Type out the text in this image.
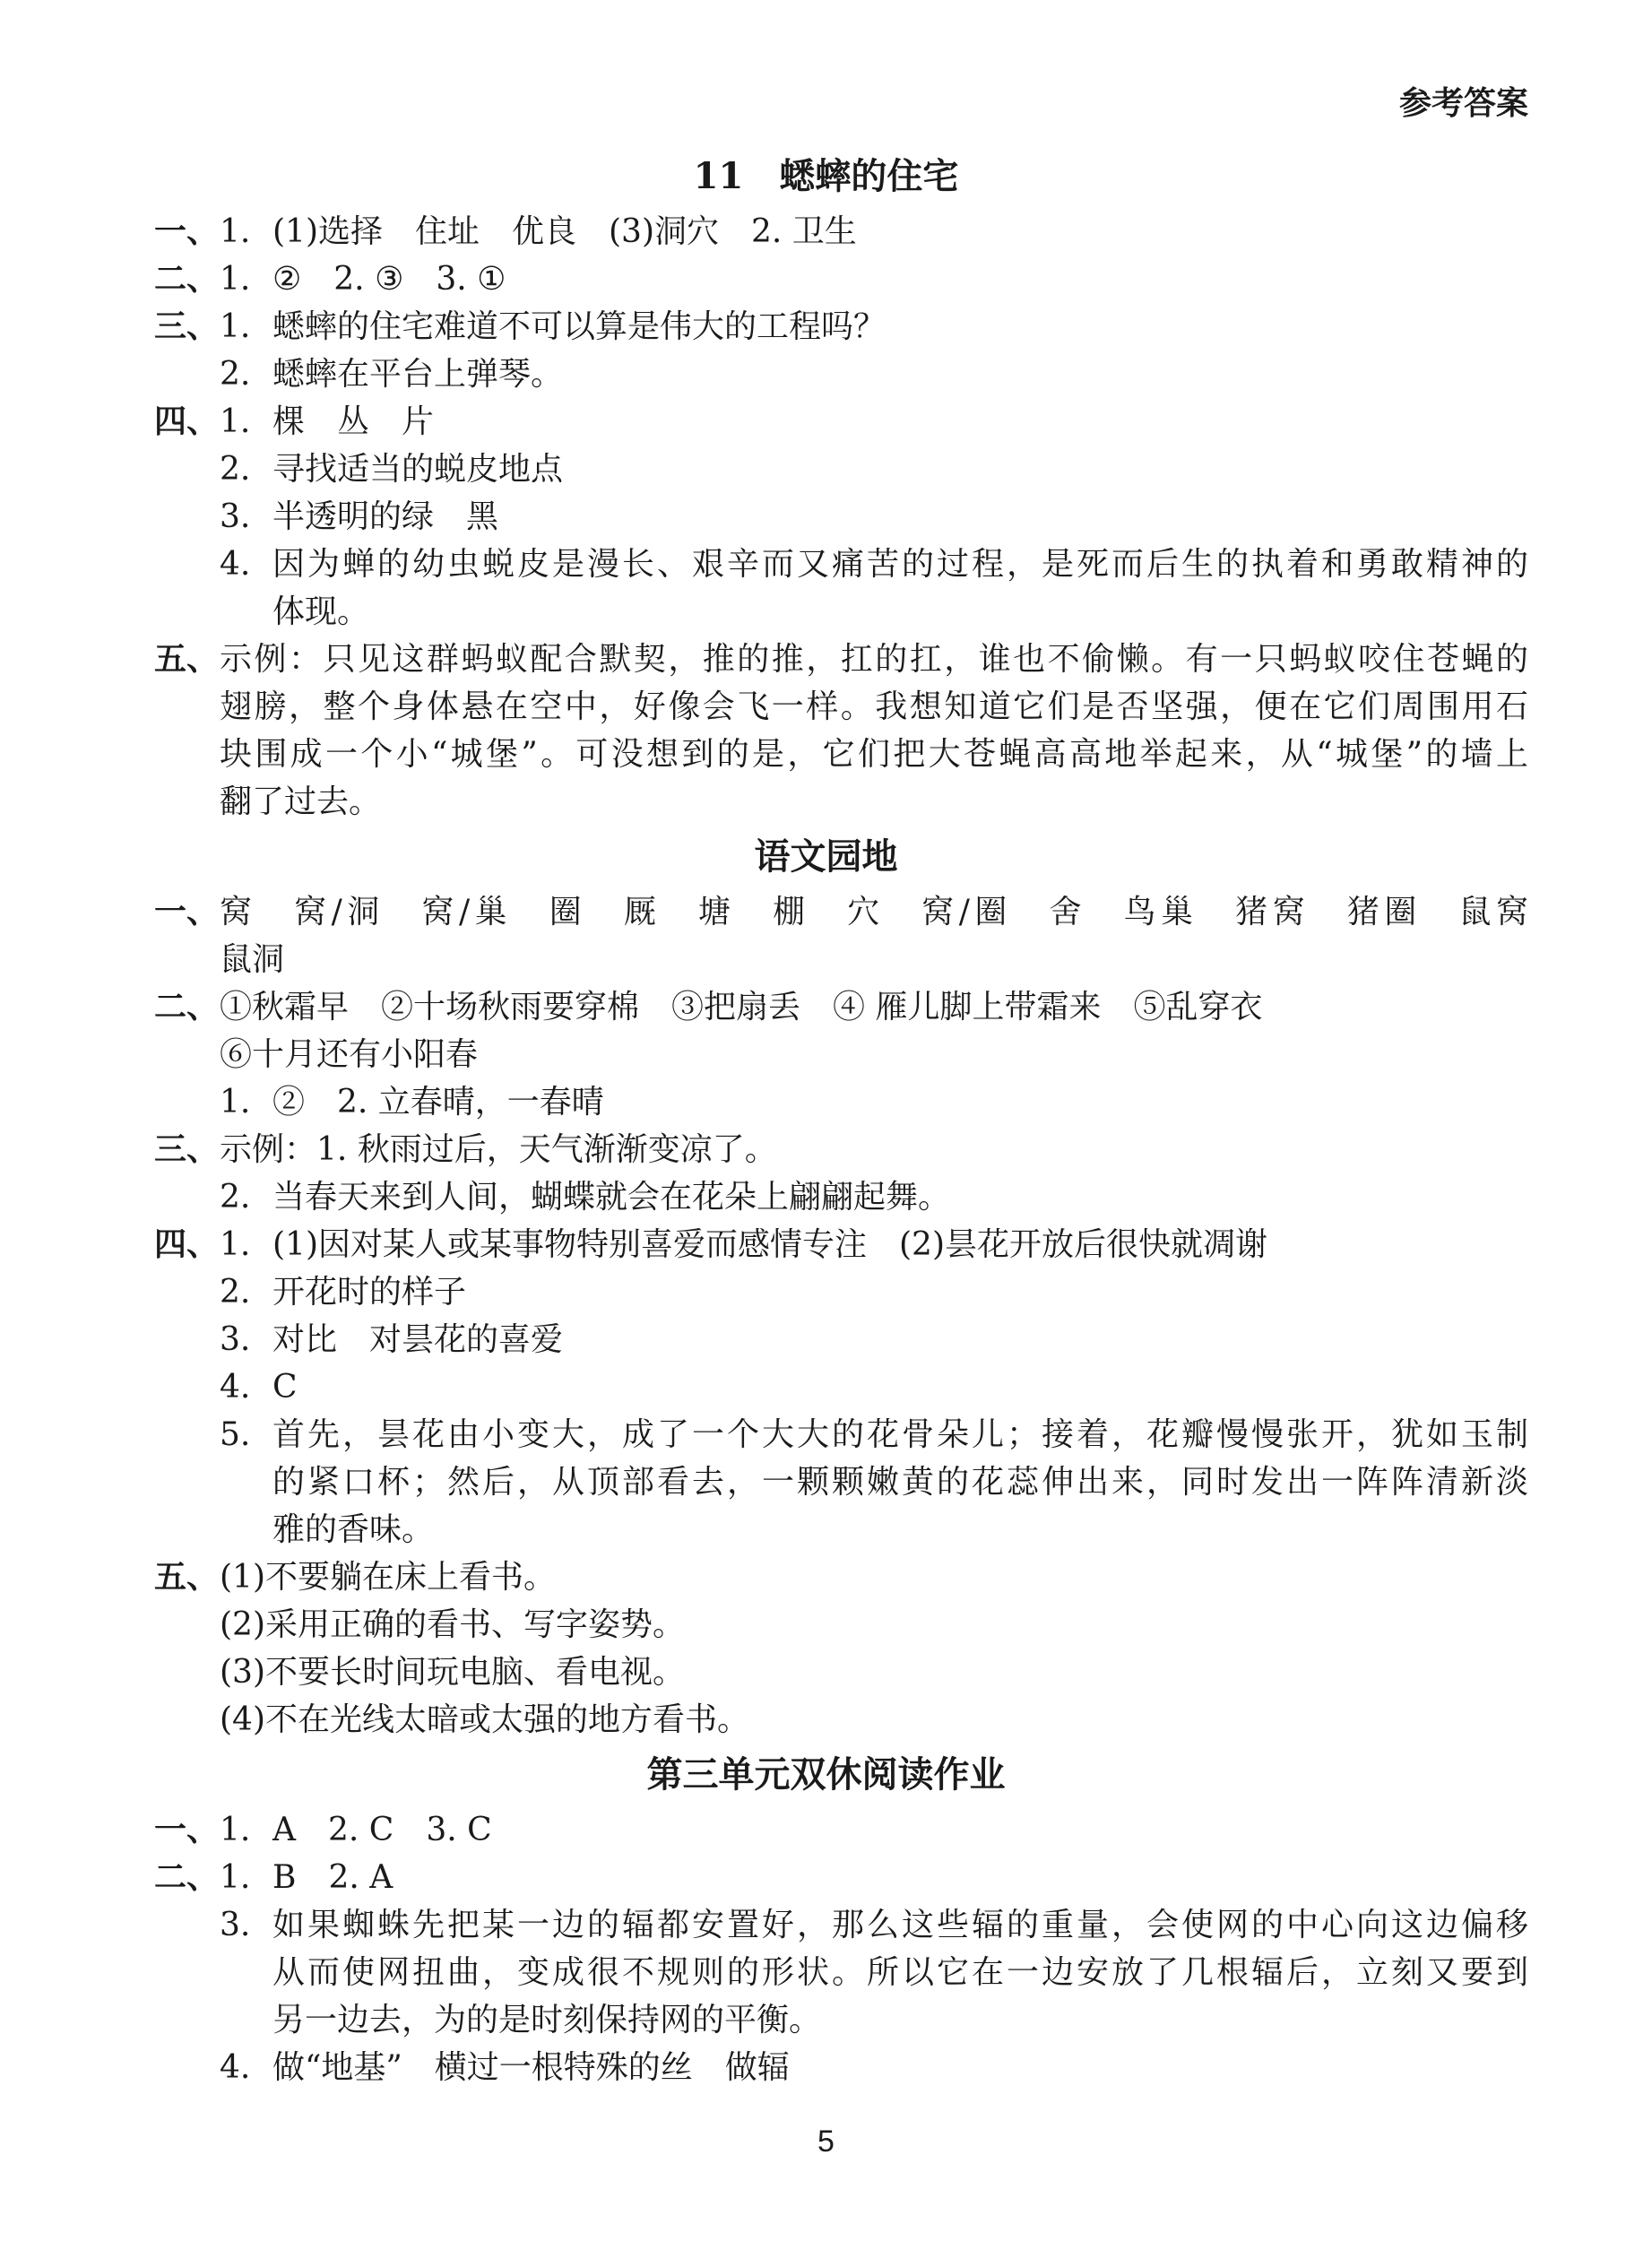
参考答案
11　蟋蟀的住宅
一、 1. (1)选择　住址　优良　(3)洞穴　2. 卫生
二、 1. ②　2. ③　3. ①
三、 1. 蟋蟀的住宅难道不可以算是伟大的工程吗？
2. 蟋蟀在平台上弹琴。
四、 1. 棵　丛　片
2. 寻找适当的蜕皮地点
3. 半透明的绿　黑
4. 因为蝉的幼虫蜕皮是漫长、艰辛而又痛苦的过程，是死而后生的执着和勇敢精神的
体现。
五、 示例：只见这群蚂蚁配合默契，推的推，扛的扛，谁也不偷懒。有一只蚂蚁咬住苍蝇的
翅膀，整个身体悬在空中，好像会飞一样。我想知道它们是否坚强，便在它们周围用石
块围成一个小“城堡”。可没想到的是，它们把大苍蝇高高地举起来，从“城堡”的墙上
翻了过去。
语文园地
一、 窝　窝/洞　窝/巢　圈　厩　塘　棚　穴　窝/圈　舍　鸟巢　猪窝　猪圈　鼠窝
鼠洞
二、 ①秋霜早　②十场秋雨要穿棉　③把扇丢　④ 雁儿脚上带霜来　⑤乱穿衣
⑥十月还有小阳春
1. ②　2. 立春晴，一春晴
三、 示例：1. 秋雨过后，天气渐渐变凉了。
2. 当春天来到人间，蝴蝶就会在花朵上翩翩起舞。
四、 1. (1)因对某人或某事物特别喜爱而感情专注　(2)昙花开放后很快就凋谢
2. 开花时的样子
3. 对比　对昙花的喜爱
4. C
5. 首先，昙花由小变大，成了一个大大的花骨朵儿；接着，花瓣慢慢张开，犹如玉制
的紧口杯；然后，从顶部看去，一颗颗嫩黄的花蕊伸出来，同时发出一阵阵清新淡
雅的香味。
五、 (1)不要躺在床上看书。
(2)采用正确的看书、写字姿势。
(3)不要长时间玩电脑、看电视。
(4)不在光线太暗或太强的地方看书。
第三单元双休阅读作业
一、 1. A　2. C　3. C
二、 1. B　2. A
3. 如果蜘蛛先把某一边的辐都安置好，那么这些辐的重量，会使网的中心向这边偏移
从而使网扭曲，变成很不规则的形状。所以它在一边安放了几根辐后，立刻又要到
另一边去，为的是时刻保持网的平衡。
4. 做“地基”　横过一根特殊的丝　做辐
5
